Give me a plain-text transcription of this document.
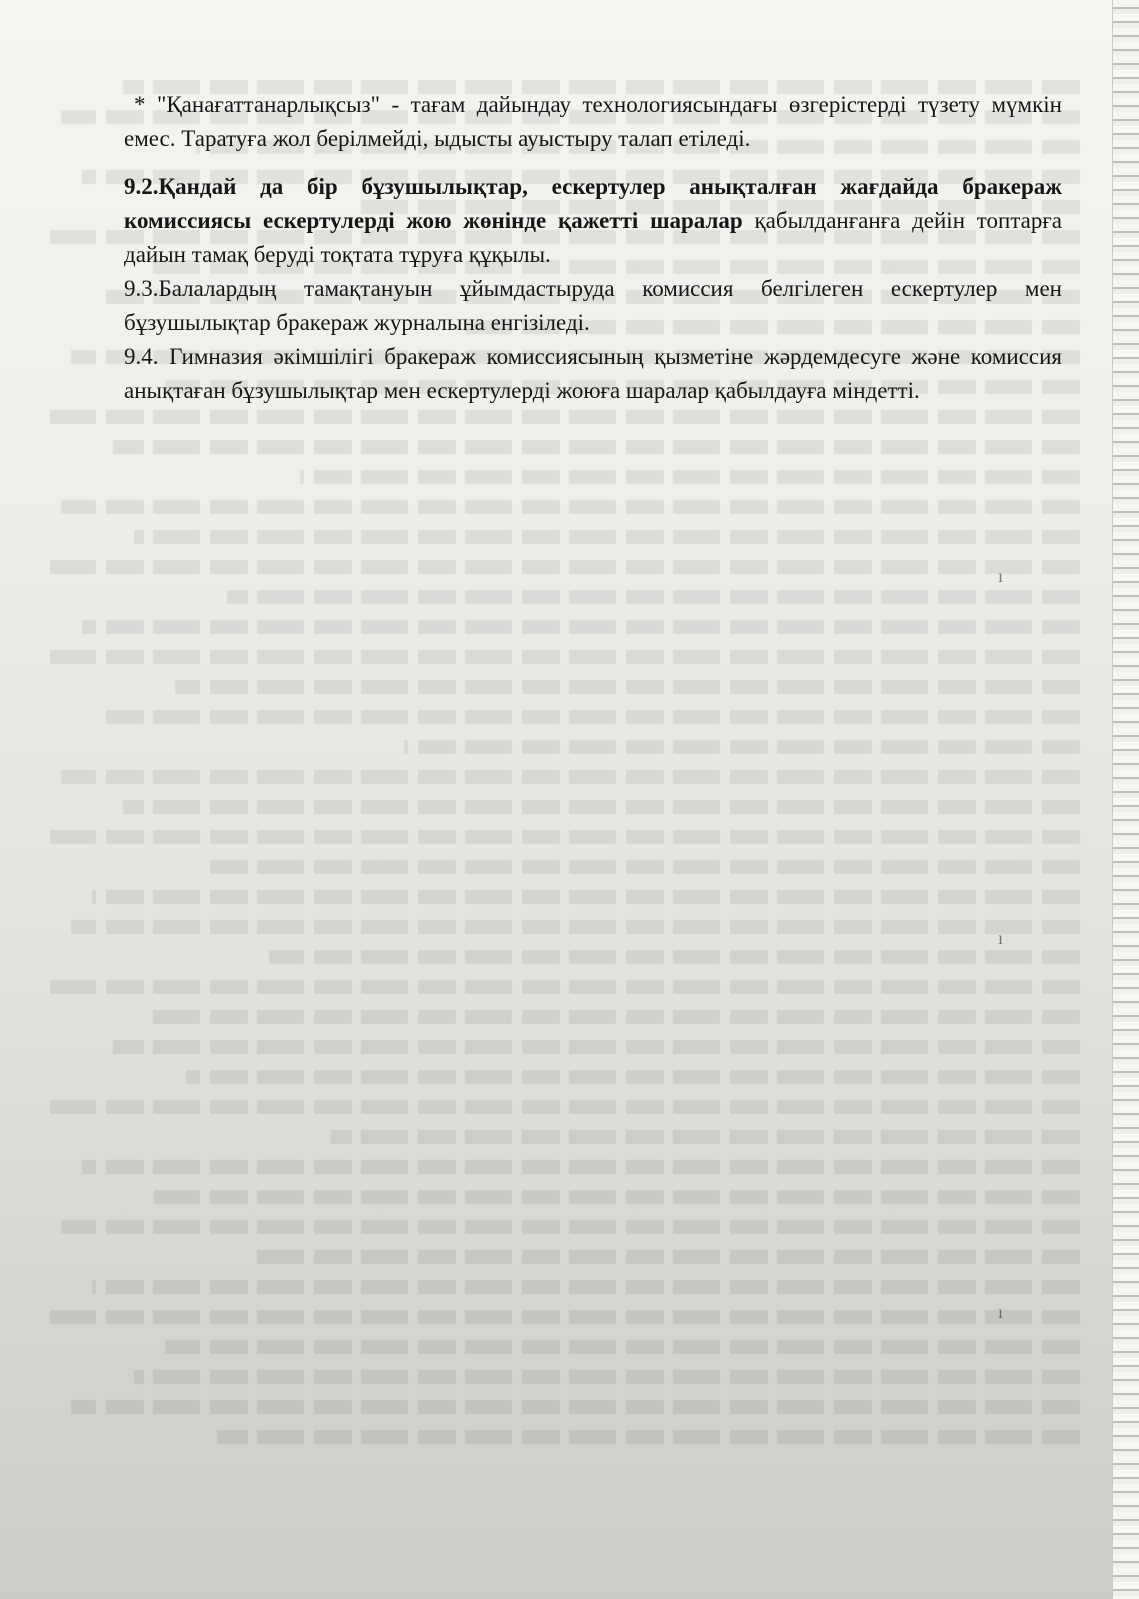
* "Қанағаттанарлықсыз" - тағам дайындау технологиясындағы өзгерістерді түзету мүмкін емес. Таратуға жол берілмейді, ыдысты ауыстыру талап етіледі.

9.2.Қандай да бір бұзушылықтар, ескертулер анықталған жағдайда бракераж комиссиясы ескертулерді жою жөнінде қажетті шаралар қабылданғанға дейін топтарға дайын тамақ беруді тоқтата тұруға құқылы.

9.3.Балалардың тамақтануын ұйымдастыруда комиссия белгілеген ескертулер мен бұзушылықтар бракераж журналына енгізіледі.

9.4. Гимназия әкімшілігі бракераж комиссиясының қызметіне жәрдемдесуге және комиссия анықтаған бұзушылықтар мен ескертулерді жоюға шаралар қабылдауға міндетті.

ı
ı
ı
